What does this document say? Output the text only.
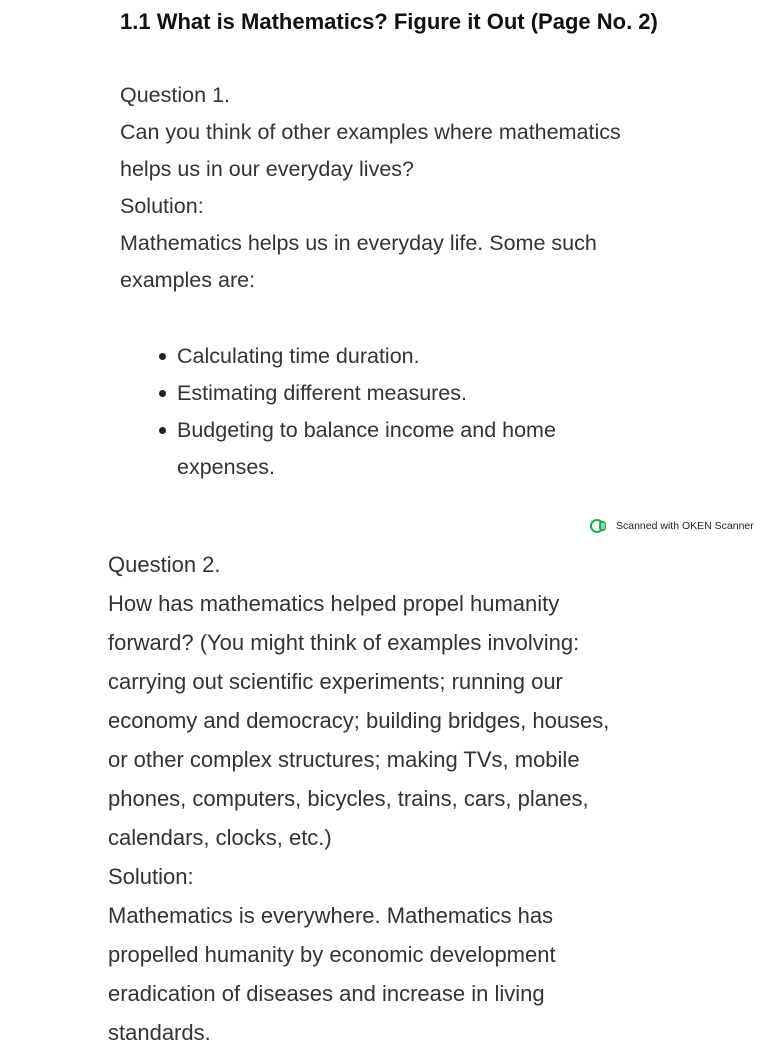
1.1 What is Mathematics? Figure it Out (Page No. 2)

Question 1.

Can you think of other examples where mathematics

helps us in our everyday lives?

Solution:

Mathematics helps us in everyday life. Some such

examples are:

Calculating time duration.
Estimating different measures.
Budgeting to balance income and home
expenses.
Scanned with OKEN Scanner

Question 2.

How has mathematics helped propel humanity

forward? (You might think of examples involving:

carrying out scientific experiments; running our

economy and democracy; building bridges, houses,

or other complex structures; making TVs, mobile

phones, computers, bicycles, trains, cars, planes,

calendars, clocks, etc.)

Solution:

Mathematics is everywhere. Mathematics has

propelled humanity by economic development

eradication of diseases and increase in living

standards.
